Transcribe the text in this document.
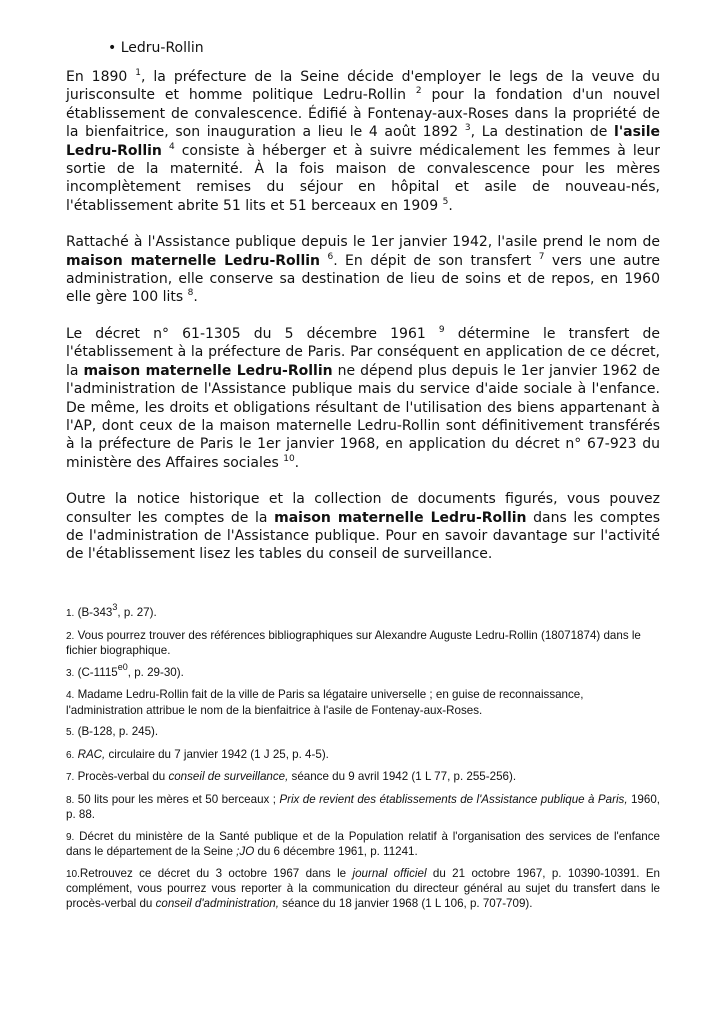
• Ledru-Rollin

En 1890 $^1$, la préfecture de la Seine décide d'employer le legs de la veuve du jurisconsulte et homme politique Ledru-Rollin $^2$ pour la fondation d'un nouvel établissement de convalescence. Édifié à Fontenay-aux-Roses dans la propriété de la bienfaitrice, son inauguration a lieu le 4 août 1892 $^3$, La destination de l'asile Ledru-Rollin $^4$ consiste à héberger et à suivre médicalement les femmes à leur sortie de la maternité. À la fois maison de convalescence pour les mères incomplètement remises du séjour en hôpital et asile de nouveau-nés, l'établissement abrite 51 lits et 51 berceaux en 1909 $^5$.

Rattaché à l'Assistance publique depuis le 1er janvier 1942, l'asile prend le nom de maison maternelle Ledru-Rollin $^6$. En dépit de son transfert $^7$ vers une autre administration, elle conserve sa destination de lieu de soins et de repos, en 1960 elle gère 100 lits $^8$.

Le décret n° 61-1305 du 5 décembre 1961 $^9$ détermine le transfert de l'établissement à la préfecture de Paris. Par conséquent en application de ce décret, la maison maternelle Ledru-Rollin ne dépend plus depuis le 1er janvier 1962 de l'administration de l'Assistance publique mais du service d'aide sociale à l'enfance. De même, les droits et obligations résultant de l'utilisation des biens appartenant à l'AP, dont ceux de la maison maternelle Ledru-Rollin sont définitivement transférés à la préfecture de Paris le 1er janvier 1968, en application du décret n° 67-923 du ministère des Affaires sociales $^{10}$.

Outre la notice historique et la collection de documents figurés, vous pouvez consulter les comptes de la maison maternelle Ledru-Rollin dans les comptes de l'administration de l'Assistance publique. Pour en savoir davantage sur l'activité de l'établissement lisez les tables du conseil de surveillance.

1. ($B-343^3$, p. 27).
2. Vous pourrez trouver des références bibliographiques sur Alexandre Auguste Ledru-Rollin (18071874) dans le fichier biographique.
3. ($C-1115^{e0}$, p. 29-30).
4. Madame Ledru-Rollin fait de la ville de Paris sa légataire universelle ; en guise de reconnaissance, l'administration attribue le nom de la bienfaitrice à l'asile de Fontenay-aux-Roses.
5. (B-128, p. 245).
6. RAC, circulaire du 7 janvier 1942 (1 J 25, p. 4-5).
7. Procès-verbal du conseil de surveillance, séance du 9 avril 1942 (1 L 77, p. 255-256).
8. 50 lits pour les mères et 50 berceaux ; Prix de revient des établissements de l'Assistance publique à Paris, 1960, p. 88.
9. Décret du ministère de la Santé publique et de la Population relatif à l'organisation des services de l'enfance dans le département de la Seine ;JO du 6 décembre 1961, p. 11241.
10.Retrouvez ce décret du 3 octobre 1967 dans le journal officiel du 21 octobre 1967, p. 10390-10391. En complément, vous pourrez vous reporter à la communication du directeur général au sujet du transfert dans le procès-verbal du conseil d'administration, séance du 18 janvier 1968 (1 L 106, p. 707-709).
